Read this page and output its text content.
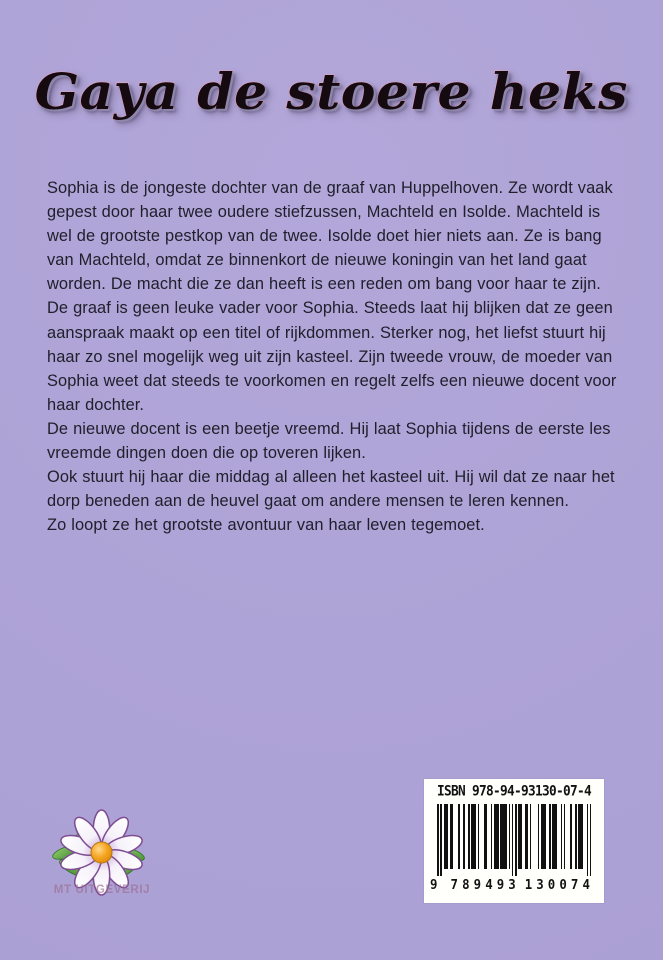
Gaya de stoere heks

Sophia is de jongeste dochter van de graaf van Huppelhoven. Ze wordt vaak gepest door haar twee oudere stiefzussen, Machteld en Isolde. Machteld is wel de grootste pestkop van de twee. Isolde doet hier niets aan. Ze is bang van Machteld, omdat ze binnenkort de nieuwe koningin van het land gaat worden. De macht die ze dan heeft is een reden om bang voor haar te zijn.

De graaf is geen leuke vader voor Sophia. Steeds laat hij blijken dat ze geen aanspraak maakt op een titel of rijkdommen. Sterker nog, het liefst stuurt hij haar zo snel mogelijk weg uit zijn kasteel. Zijn tweede vrouw, de moeder van Sophia weet dat steeds te voorkomen en regelt zelfs een nieuwe docent voor haar dochter.

De nieuwe docent is een beetje vreemd. Hij laat Sophia tijdens de eerste les vreemde dingen doen die op toveren lijken.

Ook stuurt hij haar die middag al alleen het kasteel uit. Hij wil dat ze naar het dorp beneden aan de heuvel gaat om andere mensen te leren kennen.

Zo loopt ze het grootste avontuur van haar leven tegemoet.

MT UITGEVERIJ
ISBN 978-94-93130-07-4
9 789493 130074
